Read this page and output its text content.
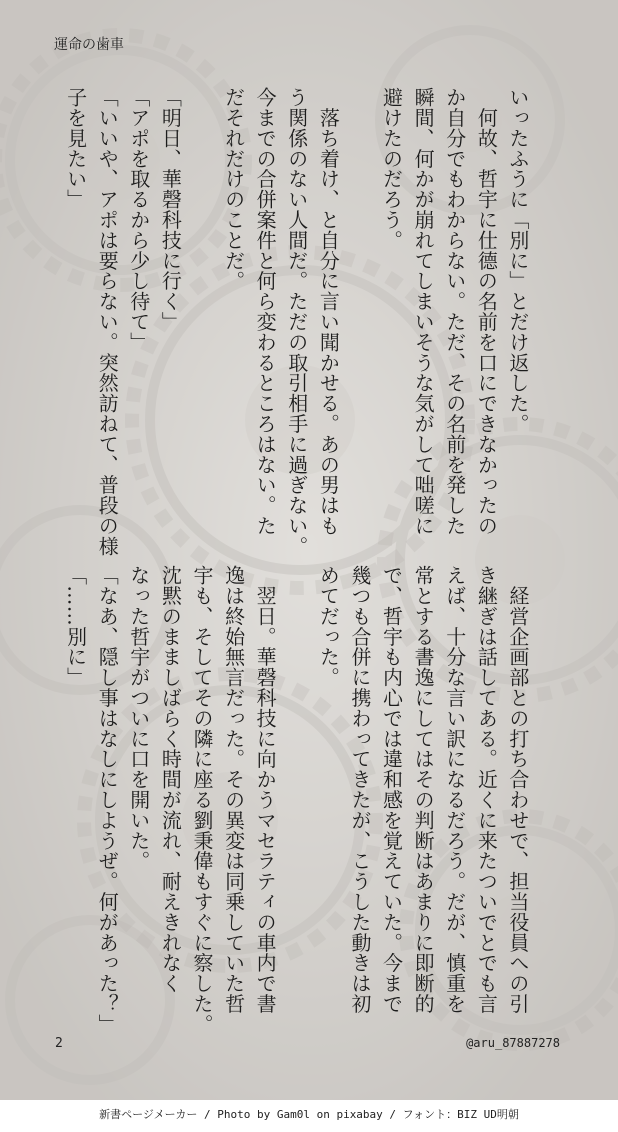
運命の歯車
いったふうに「別に」とだけ返した。
　何故、哲宇に仕德の名前を口にできなかったの
か自分でもわからない。ただ、その名前を発した
瞬間、何かが崩れてしまいそうな気がして咄嗟に
避けたのだろう。

　落ち着け、と自分に言い聞かせる。あの男はも
う関係のない人間だ。ただの取引相手に過ぎない。
今までの合併案件と何ら変わるところはない。た
だそれだけのことだ。

「明日、華磬科技に行く」
「アポを取るから少し待て」
「いいや、アポは要らない。突然訪ねて、普段の様
子を見たい」
　経営企画部との打ち合わせで、担当役員への引
き継ぎは話してある。近くに来たついでとでも言
えば、十分な言い訳になるだろう。だが、慎重を
常とする書逸にしてはその判断はあまりに即断的
で、哲宇も内心では違和感を覚えていた。今まで
幾つも合併に携わってきたが、こうした動きは初
めてだった。

　翌日。華磬科技に向かうマセラティの車内で書
逸は終始無言だった。その異変は同乗していた哲
宇も、そしてその隣に座る劉秉偉もすぐに察した。
沈黙のまましばらく時間が流れ、耐えきれなく
なった哲宇がついに口を開いた。
「なあ、隠し事はなしにしようぜ。何があった？」
「……別に」
2	@aru_87887278
新書ページメーカー / Photo by Gam0l on pixabay / フォント：BIZ UD明朝
